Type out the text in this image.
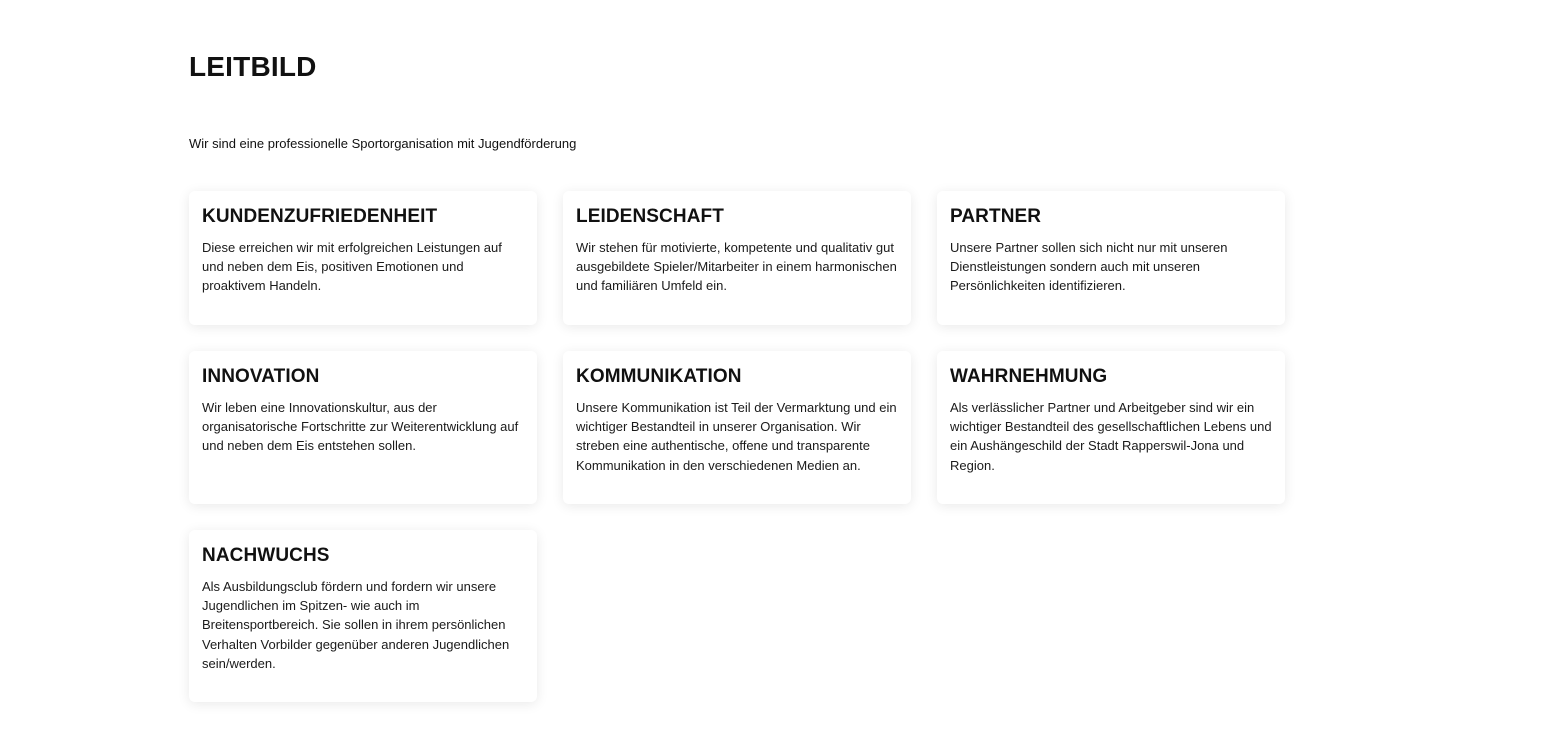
LEITBILD

Wir sind eine professionelle Sportorganisation mit Jugendförderung

KUNDENZUFRIEDENHEIT

Diese erreichen wir mit erfolgreichen Leistungen auf und neben dem Eis, positiven Emotionen und proaktivem Handeln.

LEIDENSCHAFT

Wir stehen für motivierte, kompetente und qualitativ gut ausgebildete Spieler/Mitarbeiter in einem harmonischen und familiären Umfeld ein.

PARTNER

Unsere Partner sollen sich nicht nur mit unseren Dienstleistungen sondern auch mit unseren Persönlichkeiten identifizieren.

INNOVATION

Wir leben eine Innovationskultur, aus der organisatorische Fortschritte zur Weiterentwicklung auf und neben dem Eis entstehen sollen.

KOMMUNIKATION

Unsere Kommunikation ist Teil der Vermarktung und ein wichtiger Bestandteil in unserer Organisation. Wir streben eine authentische, offene und transparente Kommunikation in den verschiedenen Medien an.

WAHRNEHMUNG

Als verlässlicher Partner und Arbeitgeber sind wir ein wichtiger Bestandteil des gesellschaftlichen Lebens und ein Aushängeschild der Stadt Rapperswil-Jona und Region.

NACHWUCHS

Als Ausbildungsclub fördern und fordern wir unsere Jugendlichen im Spitzen- wie auch im Breitensportbereich. Sie sollen in ihrem persönlichen Verhalten Vorbilder gegenüber anderen Jugendlichen sein/werden.
